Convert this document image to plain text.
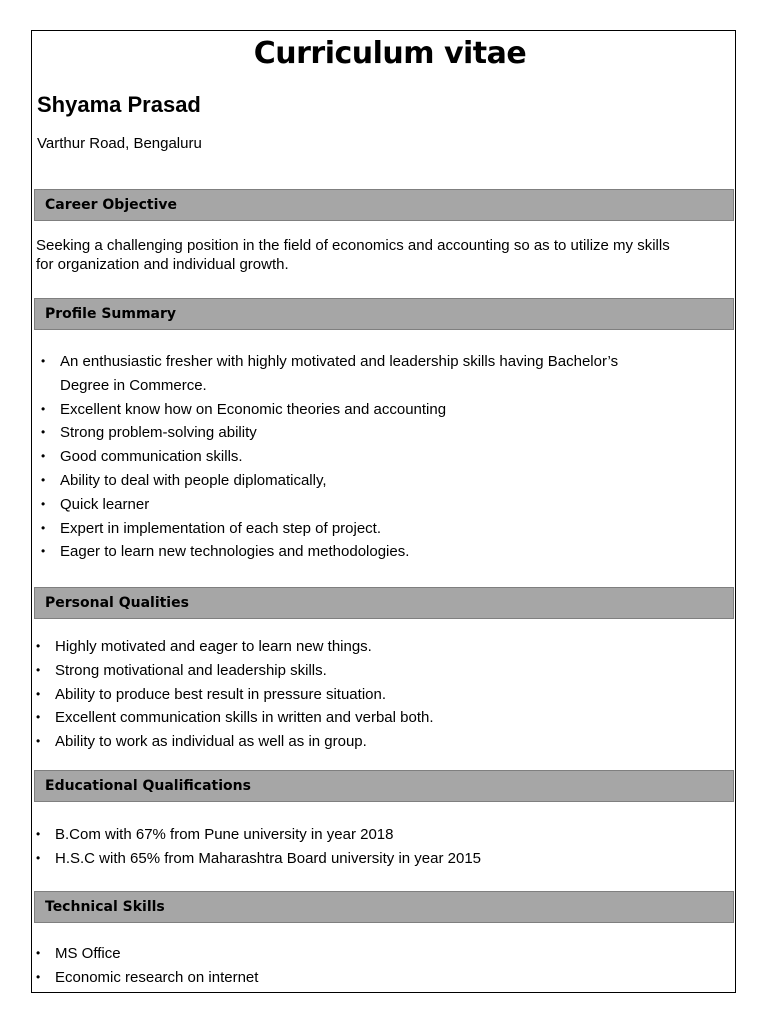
Curriculum vitae
Shyama Prasad
Varthur Road, Bengaluru
Career Objective
Seeking a challenging position in the field of economics and accounting so as to utilize my skills for organization and individual growth.
Profile Summary
• An enthusiastic fresher with highly motivated and leadership skills having Bachelor’s Degree in Commerce.
• Excellent know how on Economic theories and accounting
• Strong problem-solving ability
• Good communication skills.
• Ability to deal with people diplomatically,
• Quick learner
• Expert in implementation of each step of project.
• Eager to learn new technologies and methodologies.
Personal Qualities
• Highly motivated and eager to learn new things.
• Strong motivational and leadership skills.
• Ability to produce best result in pressure situation.
• Excellent communication skills in written and verbal both.
• Ability to work as individual as well as in group.
Educational Qualifications
• B.Com with 67% from Pune university in year 2018
• H.S.C with 65% from Maharashtra Board university in year 2015
Technical Skills
• MS Office
• Economic research on internet
